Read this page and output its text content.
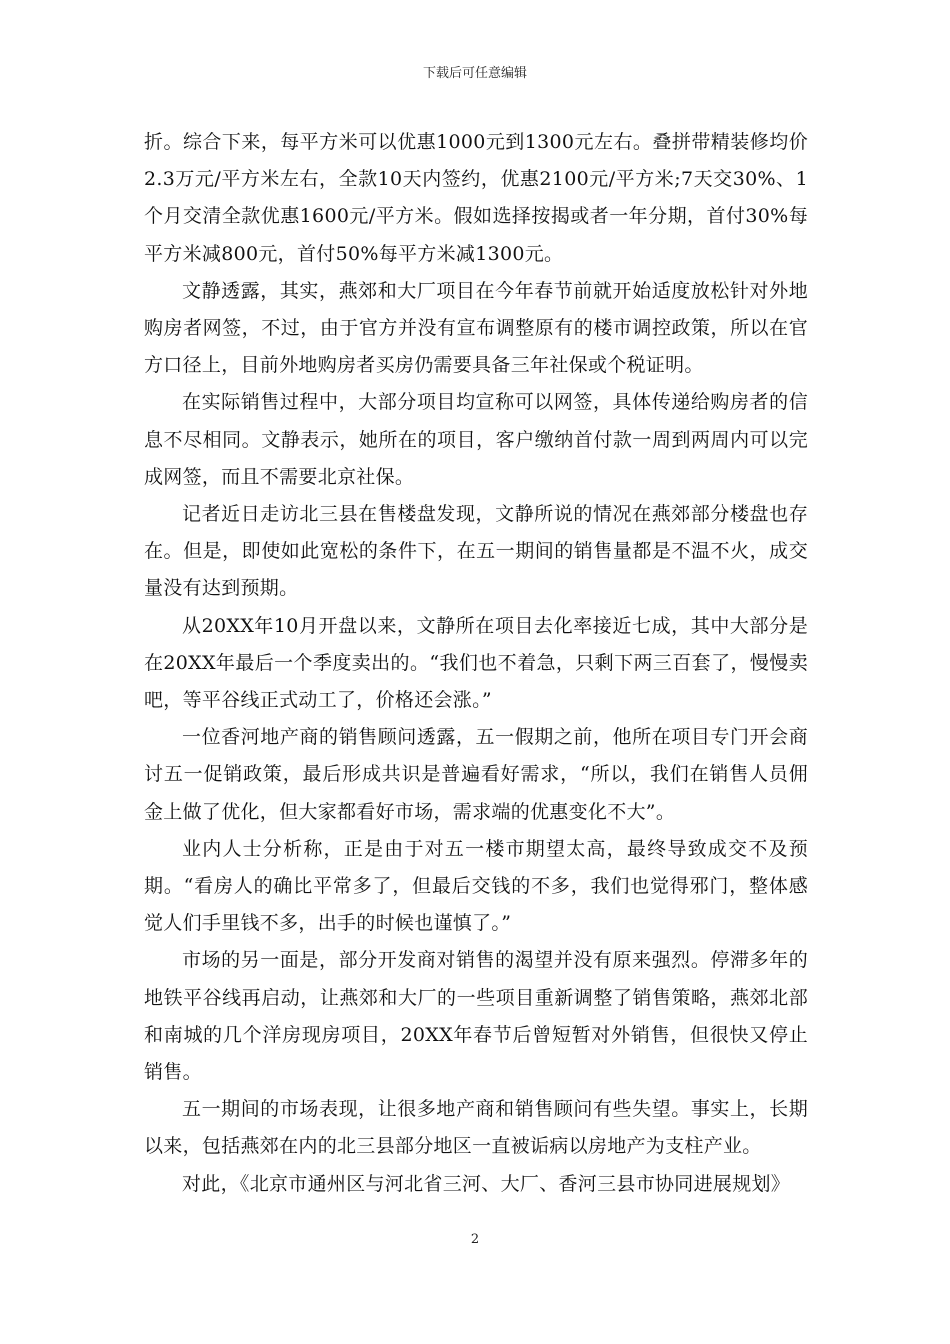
下载后可任意编辑

折。综合下来，每平方米可以优惠1000元到1300元左右。叠拼带精装修均价2.3万元/平方米左右，全款10天内签约，优惠2100元/平方米;7天交30%、1个月交清全款优惠1600元/平方米。假如选择按揭或者一年分期，首付30%每平方米减800元，首付50%每平方米减1300元。

文静透露，其实，燕郊和大厂项目在今年春节前就开始适度放松针对外地购房者网签，不过，由于官方并没有宣布调整原有的楼市调控政策，所以在官方口径上，目前外地购房者买房仍需要具备三年社保或个税证明。

在实际销售过程中，大部分项目均宣称可以网签，具体传递给购房者的信息不尽相同。文静表示，她所在的项目，客户缴纳首付款一周到两周内可以完成网签，而且不需要北京社保。

记者近日走访北三县在售楼盘发现，文静所说的情况在燕郊部分楼盘也存在。但是，即使如此宽松的条件下，在五一期间的销售量都是不温不火，成交量没有达到预期。

从20XX年10月开盘以来，文静所在项目去化率接近七成，其中大部分是在20XX年最后一个季度卖出的。“我们也不着急，只剩下两三百套了，慢慢卖吧，等平谷线正式动工了，价格还会涨。”

一位香河地产商的销售顾问透露，五一假期之前，他所在项目专门开会商讨五一促销政策，最后形成共识是普遍看好需求，“所以，我们在销售人员佣金上做了优化，但大家都看好市场，需求端的优惠变化不大”。

业内人士分析称，正是由于对五一楼市期望太高，最终导致成交不及预期。“看房人的确比平常多了，但最后交钱的不多，我们也觉得邪门，整体感觉人们手里钱不多，出手的时候也谨慎了。”

市场的另一面是，部分开发商对销售的渴望并没有原来强烈。停滞多年的地铁平谷线再启动，让燕郊和大厂的一些项目重新调整了销售策略，燕郊北部和南城的几个洋房现房项目，20XX年春节后曾短暂对外销售，但很快又停止销售。

五一期间的市场表现，让很多地产商和销售顾问有些失望。事实上，长期以来，包括燕郊在内的北三县部分地区一直被诟病以房地产为支柱产业。

对此，《北京市通州区与河北省三河、大厂、香河三县市协同进展规划》

2
